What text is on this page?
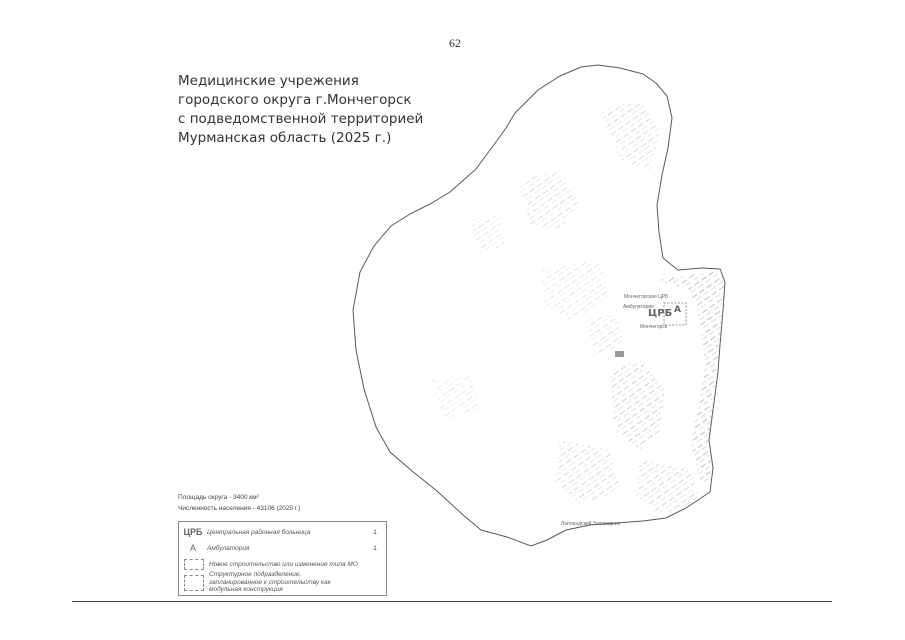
62
Медицинские учрежения
городского округа г.Мончегорск
с подведомственной территорией
Мурманская область (2025 г.)
Мончегорская ЦРБ
Амбулатория
ЦРБ A
Мончегорск
Лапландский Заповедник
Площадь округа - 3400 км²
Численность населения - 43106 (2025 г.)
ЦРБ Центральная районная больница	1
A	Амбулатория	1
Новое строительство или изменение типа МО
Структурное подразделение, запланированное к строительству как модульная конструкция
